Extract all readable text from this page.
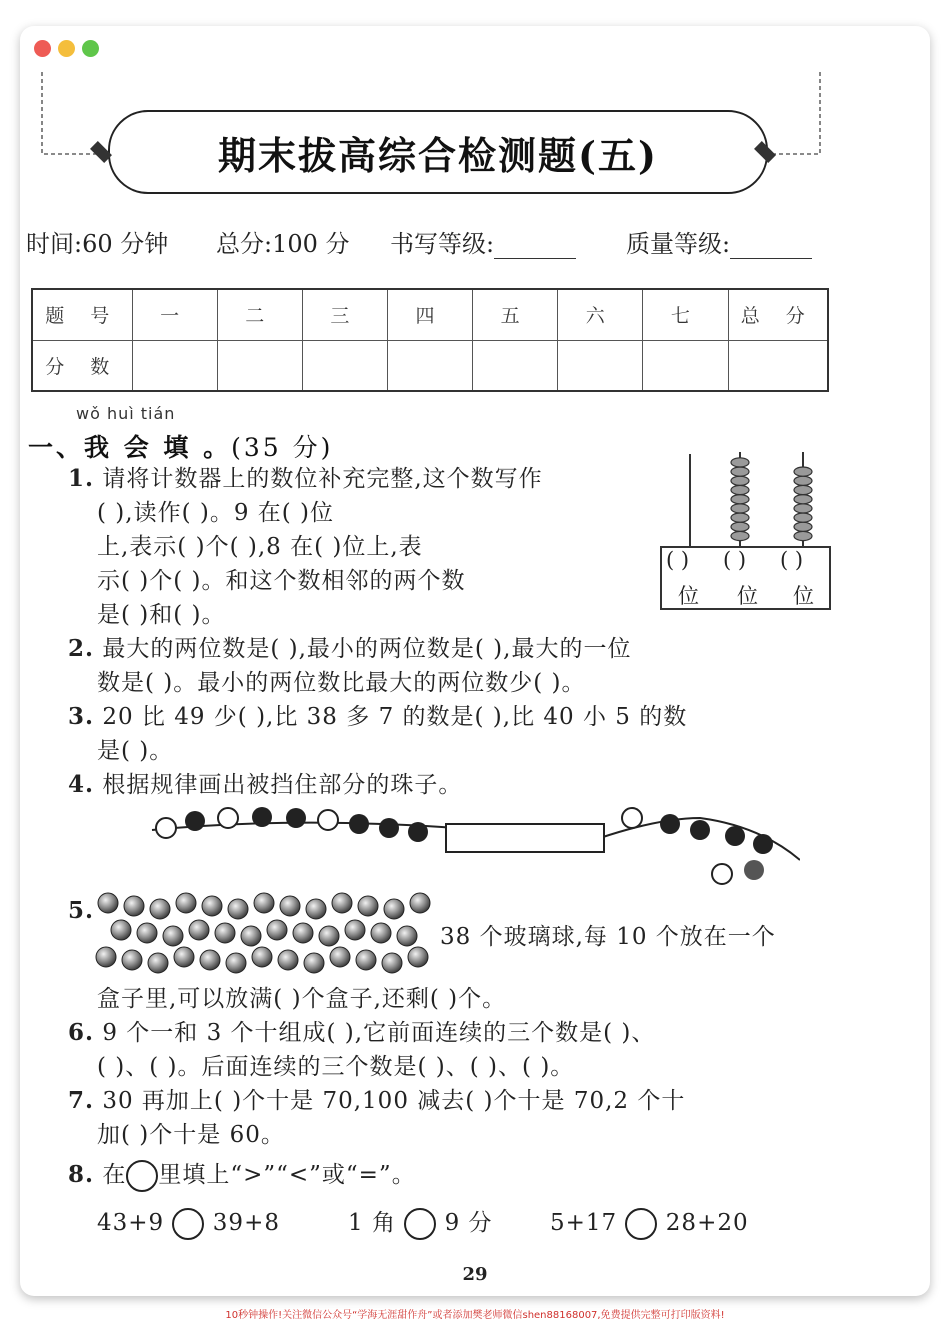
期末拔高综合检测题(五)
时间:60 分钟 总分:100 分 书写等级:	质量等级:
题 号	一	二	三	四	五	六	七	总 分
分 数								
wǒ huì tián
一、我 会 填 。(35 分)
1. 请将计数器上的数位补充完整,这个数写作
( ),读作( )。9 在( )位
上,表示( )个( ),8 在( )位上,表
示( )个( )。和这个数相邻的两个数
是( )和( )。
( ) ( ) ( )
位 位 位
2. 最大的两位数是( ),最小的两位数是( ),最大的一位
数是( )。最小的两位数比最大的两位数少( )。
3. 20 比 49 少( ),比 38 多 7 的数是( ),比 40 小 5 的数
是( )。
4. 根据规律画出被挡住部分的珠子。
5.
38 个玻璃球,每 10 个放在一个
盒子里,可以放满( )个盒子,还剩( )个。
6. 9 个一和 3 个十组成( ),它前面连续的三个数是( )、
( )、( )。后面连续的三个数是( )、( )、( )。
7. 30 再加上( )个十是 70,100 减去( )个十是 70,2 个十
加( )个十是 60。
8. 在 里填上“>”“<”或“=”。
43+9 39+8	1 角 9 分 5+17 28+20
29
10秒钟操作!关注微信公众号“学海无涯甜作舟”或者添加樊老师微信shen88168007,免费提供完整可打印版资料!
